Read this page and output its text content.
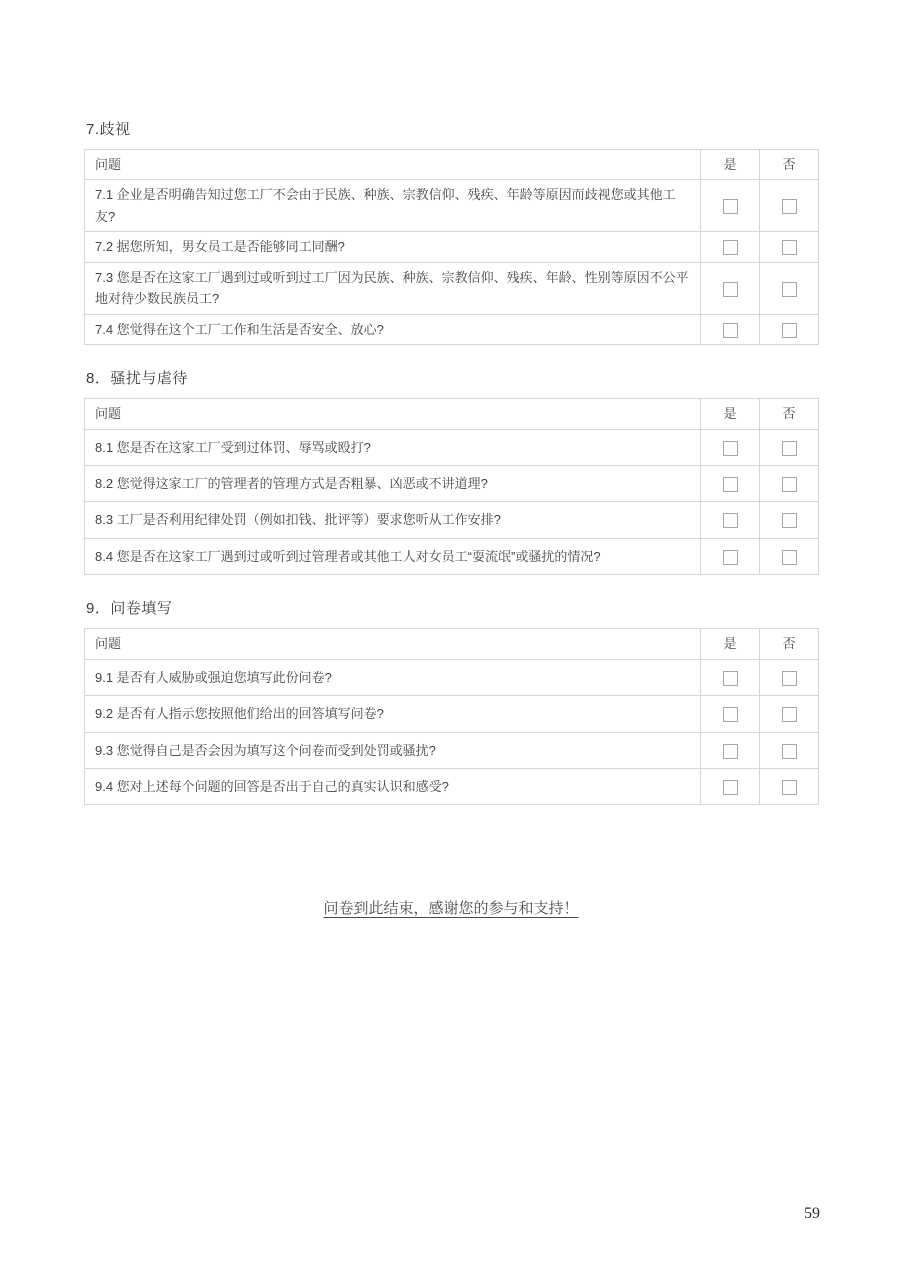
7.歧视
问题	是	否
7.1 企业是否明确告知过您工厂不会由于民族、种族、宗教信仰、残疾、年龄等原因而歧视您或其他工友?		
7.2 据您所知，男女员工是否能够同工同酬?		
7.3 您是否在这家工厂遇到过或听到过工厂因为民族、种族、宗教信仰、残疾、年龄、性别等原因不公平地对待少数民族员工?		
7.4 您觉得在这个工厂工作和生活是否安全、放心?		
8．骚扰与虐待
问题	是	否
8.1 您是否在这家工厂受到过体罚、辱骂或殴打?		
8.2 您觉得这家工厂的管理者的管理方式是否粗暴、凶恶或不讲道理?		
8.3 工厂是否利用纪律处罚（例如扣钱、批评等）要求您听从工作安排?		
8.4 您是否在这家工厂遇到过或听到过管理者或其他工人对女员工“耍流氓”或骚扰的情况?		
9．问卷填写
问题	是	否
9.1 是否有人威胁或强迫您填写此份问卷?		
9.2 是否有人指示您按照他们给出的回答填写问卷?		
9.3 您觉得自己是否会因为填写这个问卷而受到处罚或骚扰?		
9.4 您对上述每个问题的回答是否出于自己的真实认识和感受?		
问卷到此结束，感谢您的参与和支持！
59
